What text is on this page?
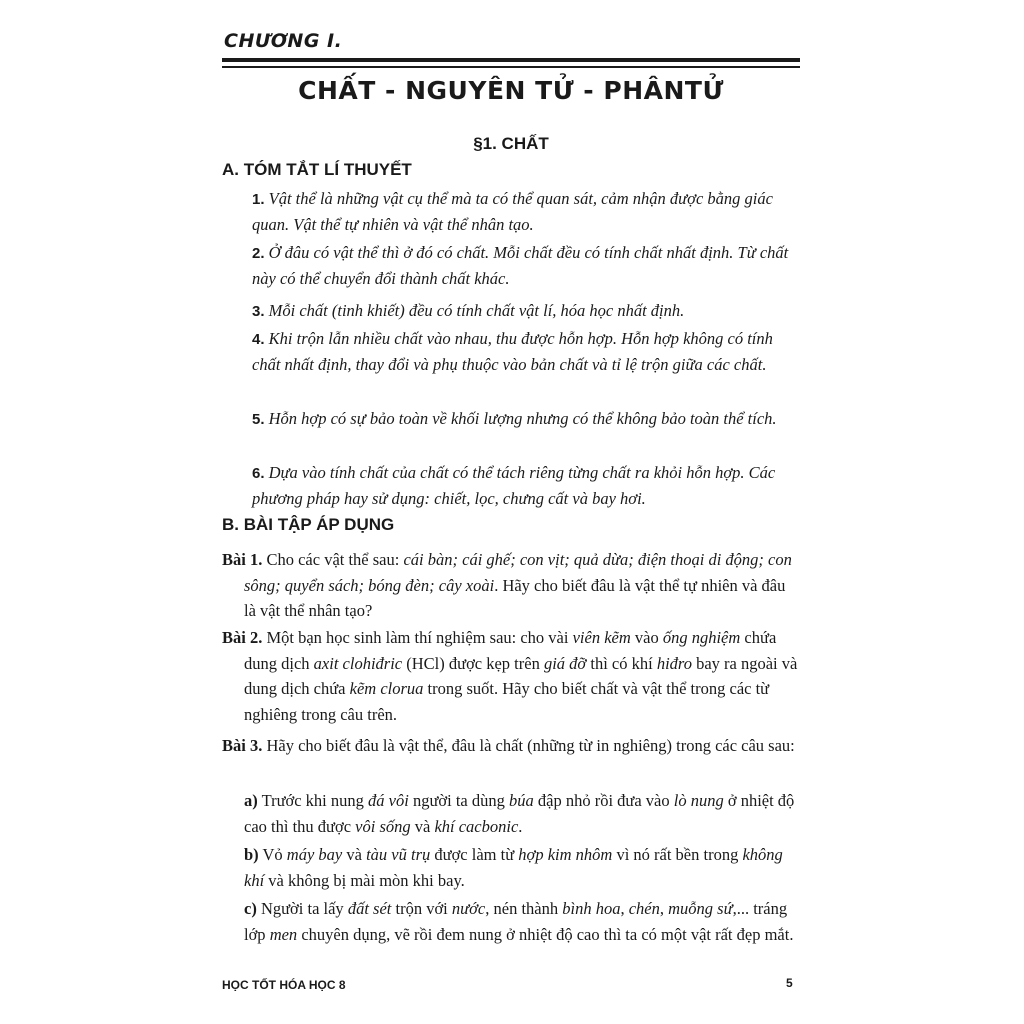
CHƯƠNG I.
CHẤT - NGUYÊN TỬ - PHÂNTỬ
§1. CHẤT
A. TÓM TẮT LÍ THUYẾT
1. Vật thể là những vật cụ thể mà ta có thể quan sát, cảm nhận được bằng giác quan. Vật thể tự nhiên và vật thể nhân tạo.
2. Ở đâu có vật thể thì ở đó có chất. Mỗi chất đều có tính chất nhất định. Từ chất này có thể chuyển đổi thành chất khác.
3. Mỗi chất (tinh khiết) đều có tính chất vật lí, hóa học nhất định.
4. Khi trộn lẫn nhiều chất vào nhau, thu được hỗn hợp. Hỗn hợp không có tính chất nhất định, thay đổi và phụ thuộc vào bản chất và tỉ lệ trộn giữa các chất.
5. Hỗn hợp có sự bảo toàn về khối lượng nhưng có thể không bảo toàn thể tích.
6. Dựa vào tính chất của chất có thể tách riêng từng chất ra khỏi hỗn hợp. Các phương pháp hay sử dụng: chiết, lọc, chưng cất và bay hơi.
B. BÀI TẬP ÁP DỤNG
Bài 1. Cho các vật thể sau: cái bàn; cái ghế; con vịt; quả dừa; điện thoại di động; con sông; quyển sách; bóng đèn; cây xoài. Hãy cho biết đâu là vật thể tự nhiên và đâu là vật thể nhân tạo?
Bài 2. Một bạn học sinh làm thí nghiệm sau: cho vài viên kẽm vào ống nghiệm chứa dung dịch axit clohiđric (HCl) được kẹp trên giá đỡ thì có khí hiđro bay ra ngoài và dung dịch chứa kẽm clorua trong suốt. Hãy cho biết chất và vật thể trong các từ nghiêng trong câu trên.
Bài 3. Hãy cho biết đâu là vật thể, đâu là chất (những từ in nghiêng) trong các câu sau:
a) Trước khi nung đá vôi người ta dùng búa đập nhỏ rồi đưa vào lò nung ở nhiệt độ cao thì thu được vôi sống và khí cacbonic.
b) Vỏ máy bay và tàu vũ trụ được làm từ hợp kim nhôm vì nó rất bền trong không khí và không bị mài mòn khi bay.
c) Người ta lấy đất sét trộn với nước, nén thành bình hoa, chén, muỗng sứ,... tráng lớp men chuyên dụng, vẽ rồi đem nung ở nhiệt độ cao thì ta có một vật rất đẹp mắt.
HỌC TỐT HÓA HỌC 8	5
